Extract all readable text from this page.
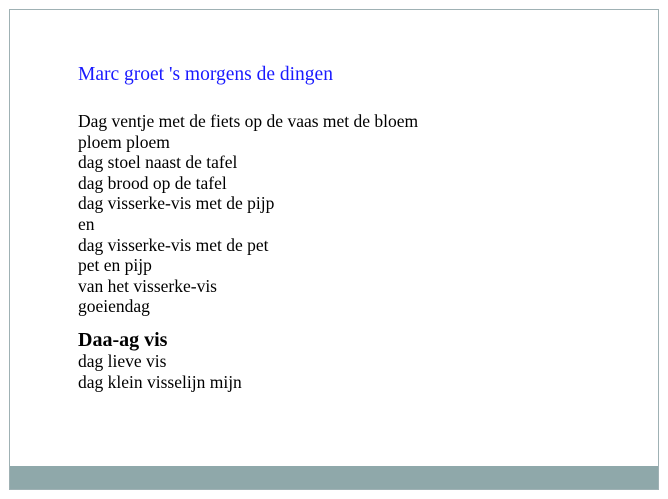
Marc groet 's morgens de dingen
Dag ventje met de fiets op de vaas met de bloem
ploem ploem
dag stoel naast de tafel
dag brood op de tafel
dag visserke-vis met de pijp
en
dag visserke-vis met de pet
pet en pijp
van het visserke-vis
goeiendag
Daa-ag vis
dag lieve vis
dag klein visselijn mijn
